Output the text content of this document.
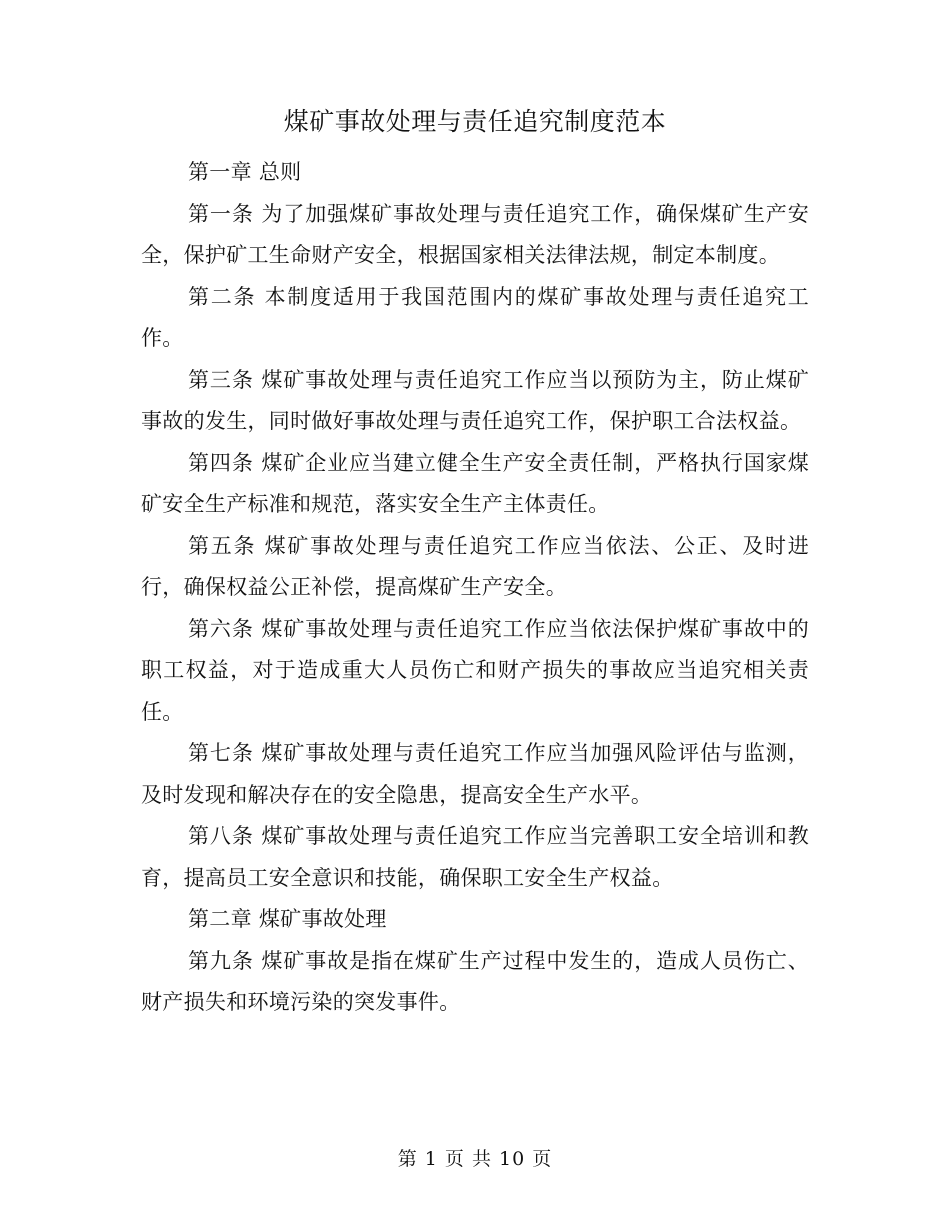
煤矿事故处理与责任追究制度范本

第一章 总则

第一条 为了加强煤矿事故处理与责任追究工作，确保煤矿生产安全，保护矿工生命财产安全，根据国家相关法律法规，制定本制度。

第二条 本制度适用于我国范围内的煤矿事故处理与责任追究工作。

第三条 煤矿事故处理与责任追究工作应当以预防为主，防止煤矿事故的发生，同时做好事故处理与责任追究工作，保护职工合法权益。

第四条 煤矿企业应当建立健全生产安全责任制，严格执行国家煤矿安全生产标准和规范，落实安全生产主体责任。

第五条 煤矿事故处理与责任追究工作应当依法、公正、及时进行，确保权益公正补偿，提高煤矿生产安全。

第六条 煤矿事故处理与责任追究工作应当依法保护煤矿事故中的职工权益，对于造成重大人员伤亡和财产损失的事故应当追究相关责任。

第七条 煤矿事故处理与责任追究工作应当加强风险评估与监测，及时发现和解决存在的安全隐患，提高安全生产水平。

第八条 煤矿事故处理与责任追究工作应当完善职工安全培训和教育，提高员工安全意识和技能，确保职工安全生产权益。

第二章 煤矿事故处理

第九条 煤矿事故是指在煤矿生产过程中发生的，造成人员伤亡、财产损失和环境污染的突发事件。

第 1 页 共 10 页
